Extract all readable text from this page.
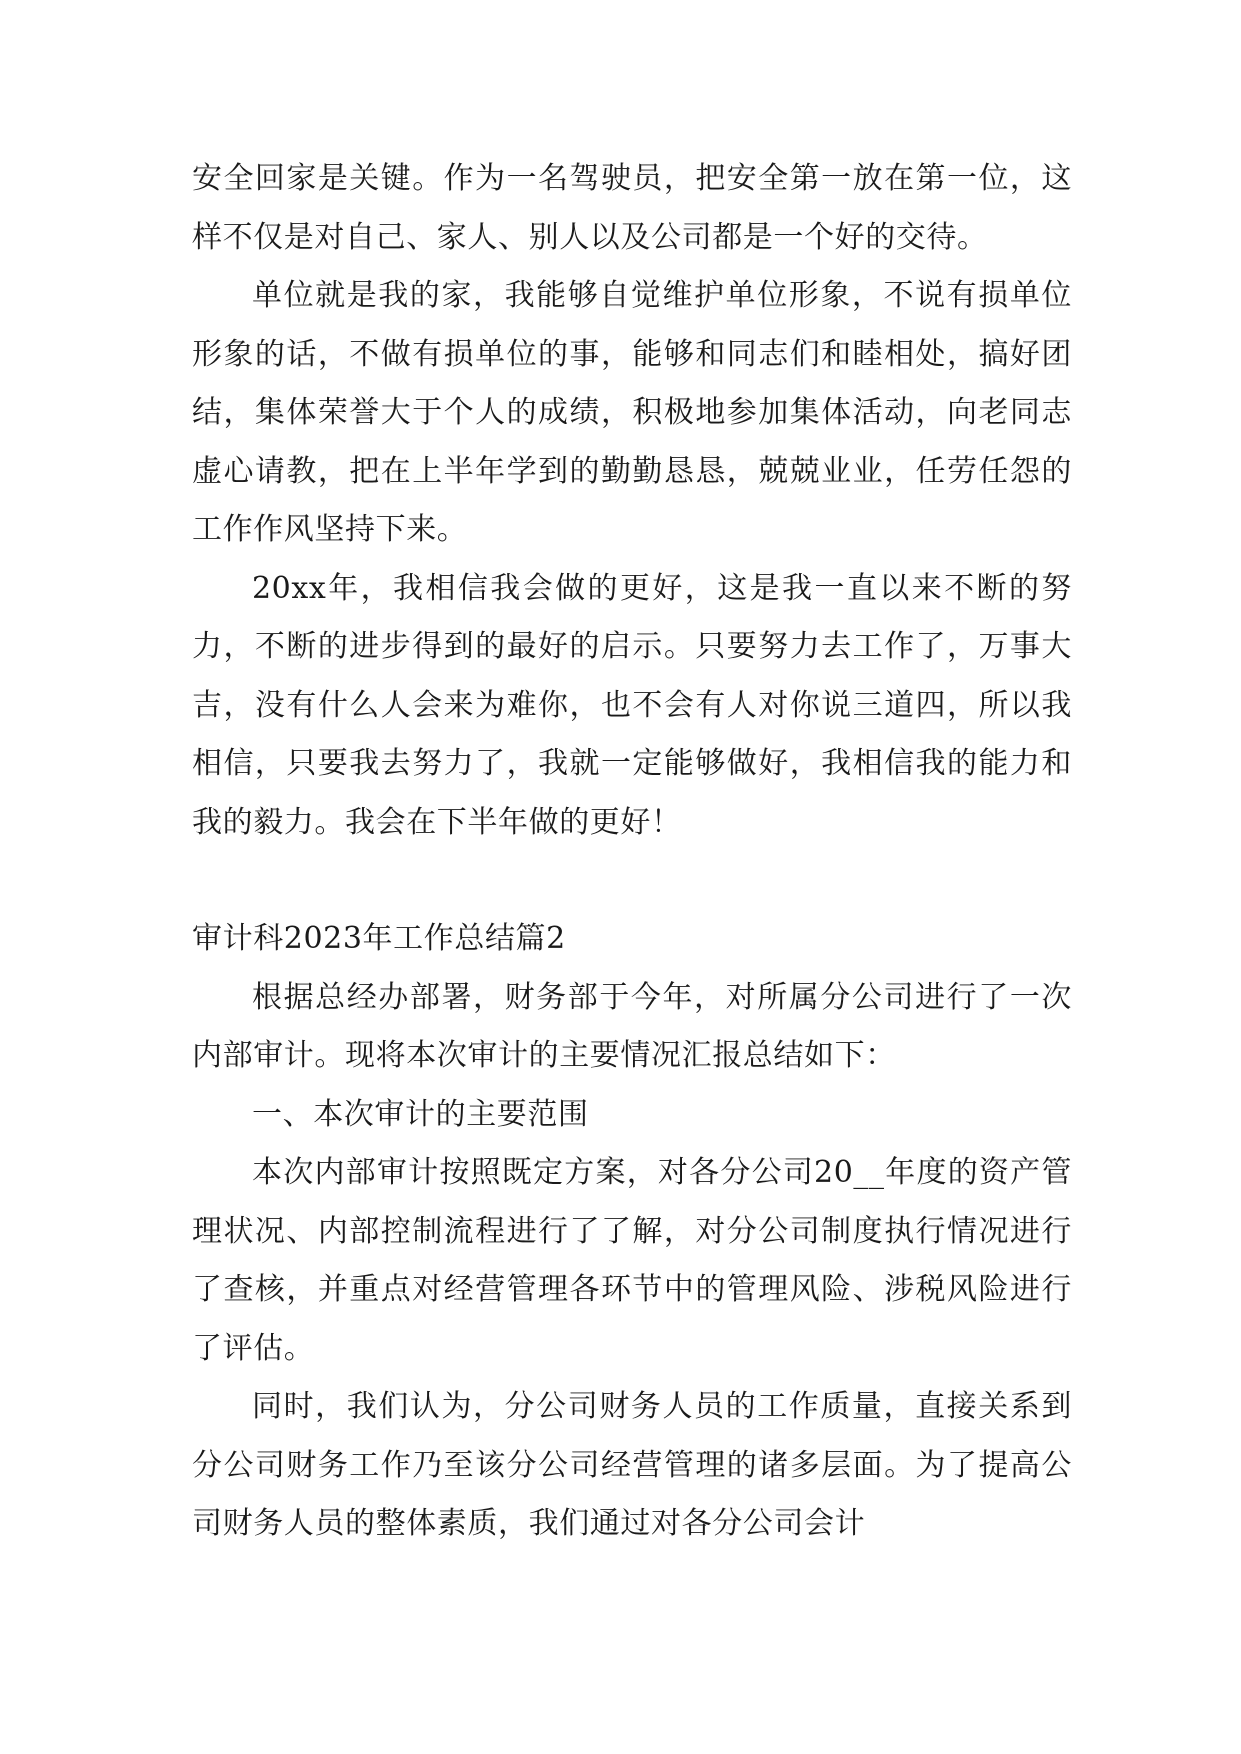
安全回家是关键。作为一名驾驶员，把安全第一放在第一位，这样不仅是对自己、家人、别人以及公司都是一个好的交待。

单位就是我的家，我能够自觉维护单位形象，不说有损单位形象的话，不做有损单位的事，能够和同志们和睦相处，搞好团结，集体荣誉大于个人的成绩，积极地参加集体活动，向老同志虚心请教，把在上半年学到的勤勤恳恳，兢兢业业，任劳任怨的工作作风坚持下来。

20xx年，我相信我会做的更好，这是我一直以来不断的努力，不断的进步得到的最好的启示。只要努力去工作了，万事大吉，没有什么人会来为难你，也不会有人对你说三道四，所以我相信，只要我去努力了，我就一定能够做好，我相信我的能力和我的毅力。我会在下半年做的更好！

审计科2023年工作总结篇2

根据总经办部署，财务部于今年，对所属分公司进行了一次内部审计。现将本次审计的主要情况汇报总结如下：

一、本次审计的主要范围

本次内部审计按照既定方案，对各分公司20__年度的资产管理状况、内部控制流程进行了了解，对分公司制度执行情况进行了查核，并重点对经营管理各环节中的管理风险、涉税风险进行了评估。

同时，我们认为，分公司财务人员的工作质量，直接关系到分公司财务工作乃至该分公司经营管理的诸多层面。为了提高公司财务人员的整体素质，我们通过对各分公司会计
